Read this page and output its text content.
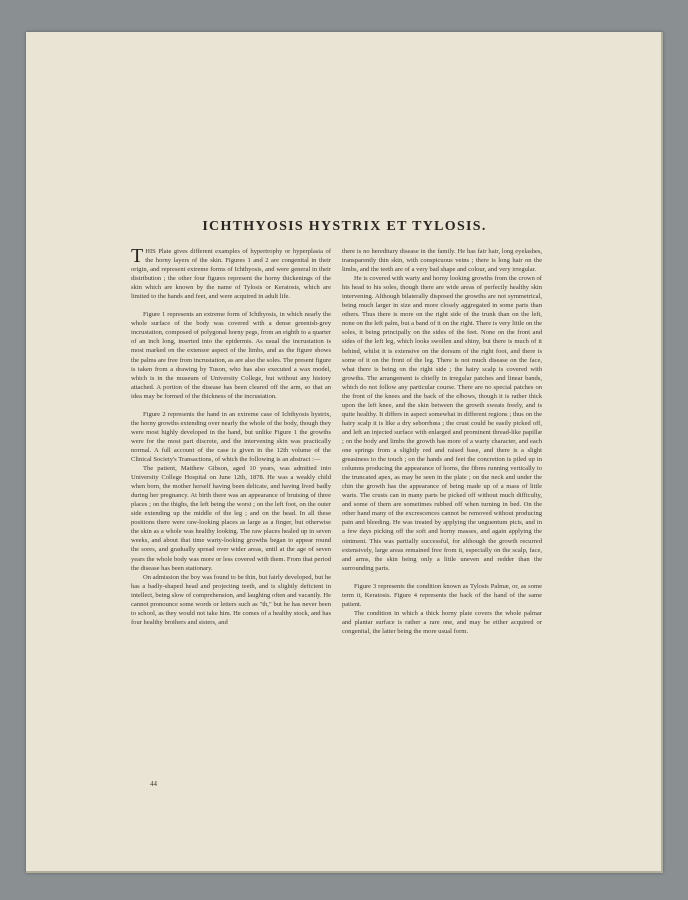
ICHTHYOSIS HYSTRIX ET TYLOSIS.

THIS Plate gives different examples of hypertrophy or hyperplasia of the horny layers of the skin. Figures 1 and 2 are congenital in their origin, and represent extreme forms of Ichthyosis, and were general in their distribution ; the other four figures represent the horny thickenings of the skin which are known by the name of Tylosis or Keratosis, which are limited to the hands and feet, and were acquired in adult life.

Figure 1 represents an extreme form of Ichthyosis, in which nearly the whole surface of the body was covered with a dense greenish-grey incrustation, composed of polygonal horny pegs, from an eighth to a quarter of an inch long, inserted into the epidermis. As usual the incrustation is most marked on the extensor aspect of the limbs, and as the figure shows the palms are free from incrustation, as are also the soles. The present figure is taken from a drawing by Tuson, who has also executed a wax model, which is in the museum of University College, but without any history attached. A portion of the disease has been cleared off the arm, so that an idea may be formed of the thickness of the incrustation.

Figure 2 represents the hand in an extreme case of Ichthyosis hystrix, the horny growths extending over nearly the whole of the body, though they were most highly developed in the hand, but unlike Figure 1 the growths were for the most part discrete, and the intervening skin was practically normal. A full account of the case is given in the 12th volume of the Clinical Society's Transactions, of which the following is an abstract :—

The patient, Matthew Gibson, aged 10 years, was admitted into University College Hospital on June 12th, 1878. He was a weakly child when born, the mother herself having been delicate, and having lived badly during her pregnancy. At birth there was an appearance of bruising of three places ; on the thighs, the left being the worst ; on the left foot, on the outer side extending up the middle of the leg ; and on the head. In all these positions there were raw-looking places as large as a finger, but otherwise the skin as a whole was healthy looking. The raw places healed up in seven weeks, and about that time warty-looking growths began to appear round the sores, and gradually spread over wider areas, until at the age of seven years the whole body was more or less covered with them. From that period the disease has been stationary.

On admission the boy was found to be thin, but fairly developed, but he has a badly-shaped head and projecting teeth, and is slightly deficient in intellect, being slow of comprehension, and laughing often and vacantly. He cannot pronounce some words or letters such as "th," but he has never been to school, as they would not take him. He comes of a healthy stock, and has four healthy brothers and sisters, and

44

there is no hereditary disease in the family. He has fair hair, long eyelashes, transparently thin skin, with conspicuous veins ; there is long hair on the limbs, and the teeth are of a very bad shape and colour, and very irregular.

He is covered with warty and horny looking growths from the crown of his head to his soles, though there are wide areas of perfectly healthy skin intervening. Although bilaterally disposed the growths are not symmetrical, being much larger in size and more closely aggregated in some parts than others. Thus there is more on the right side of the trunk than on the left, none on the left palm, but a band of it on the right. There is very little on the soles, it being principally on the sides of the feet. None on the front and sides of the left leg, which looks swollen and shiny, but there is much of it behind, whilst it is extensive on the dorsum of the right foot, and there is some of it on the front of the leg. There is not much disease on the face, what there is being on the right side ; the hairy scalp is covered with growths. The arrangement is chiefly in irregular patches and linear bands, which do not follow any particular course. There are no special patches on the front of the knees and the back of the elbows, though it is rather thick upon the left knee, and the skin between the growth sweats freely, and is quite healthy. It differs in aspect somewhat in different regions ; thus on the hairy scalp it is like a dry seborrhœa ; the crust could be easily picked off, and left an injected surface with enlarged and prominent thread-like papillæ ; on the body and limbs the growth has more of a warty character, and each one springs from a slightly red and raised base, and there is a slight greasiness to the touch ; on the hands and feet the concretion is piled up in columns producing the appearance of horns, the fibres running vertically to the truncated apex, as may be seen in the plate ; on the neck and under the chin the growth has the appearance of being made up of a mass of little warts. The crusts can in many parts be picked off without much difficulty, and some of them are sometimes rubbed off when turning in bed. On the other hand many of the excrescences cannot be removed without producing pain and bleeding. He was treated by applying the unguentum picis, and in a few days picking off the soft and horny masses, and again applying the ointment. This was partially successful, for although the growth recurred extensively, large areas remained free from it, especially on the scalp, face, and arms, the skin being only a little uneven and redder than the surrounding parts.

Figure 3 represents the condition known as Tylosis Palmæ, or, as some term it, Keratosis. Figure 4 represents the back of the hand of the same patient.

The condition in which a thick horny plate covers the whole palmar and plantar surface is rather a rare one, and may be either acquired or congenital, the latter being the more usual form.
